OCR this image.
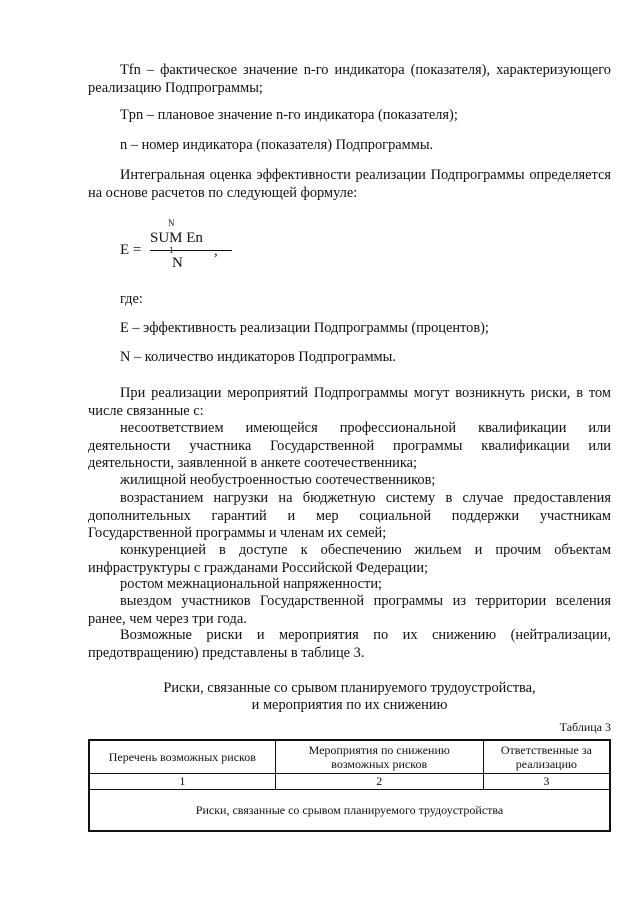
Tfn – фактическое значение n-го индикатора (показателя), характеризующего реализацию Подпрограммы;

Tpn – плановое значение n-го индикатора (показателя);

n – номер индикатора (показателя) Подпрограммы.

Интегральная оценка эффективности реализации Подпрограммы определяется на основе расчетов по следующей формуле:

N
SUM En
1
E =
N
,

где:

E – эффективность реализации Подпрограммы (процентов);

N – количество индикаторов Подпрограммы.

При реализации мероприятий Подпрограммы могут возникнуть риски, в том числе связанные с:

несоответствием имеющейся профессиональной квалификации или деятельности участника Государственной программы квалификации или деятельности, заявленной в анкете соотечественника;

жилищной необустроенностью соотечественников;

возрастанием нагрузки на бюджетную систему в случае предоставления дополнительных гарантий и мер социальной поддержки участникам Государственной программы и членам их семей;

конкуренцией в доступе к обеспечению жильем и прочим объектам инфраструктуры с гражданами Российской Федерации;

ростом межнациональной напряженности;

выездом участников Государственной программы из территории вселения ранее, чем через три года.

Возможные риски и мероприятия по их снижению (нейтрализации, предотвращению) представлены в таблице 3.

Риски, связанные со срывом планируемого трудоустройства,

и мероприятия по их снижению

Таблица 3

Перечень возможных рисков	Мероприятия по снижению возможных рисков	Ответственные за реализацию
1	2	3
Риски, связанные со срывом планируемого трудоустройства		
